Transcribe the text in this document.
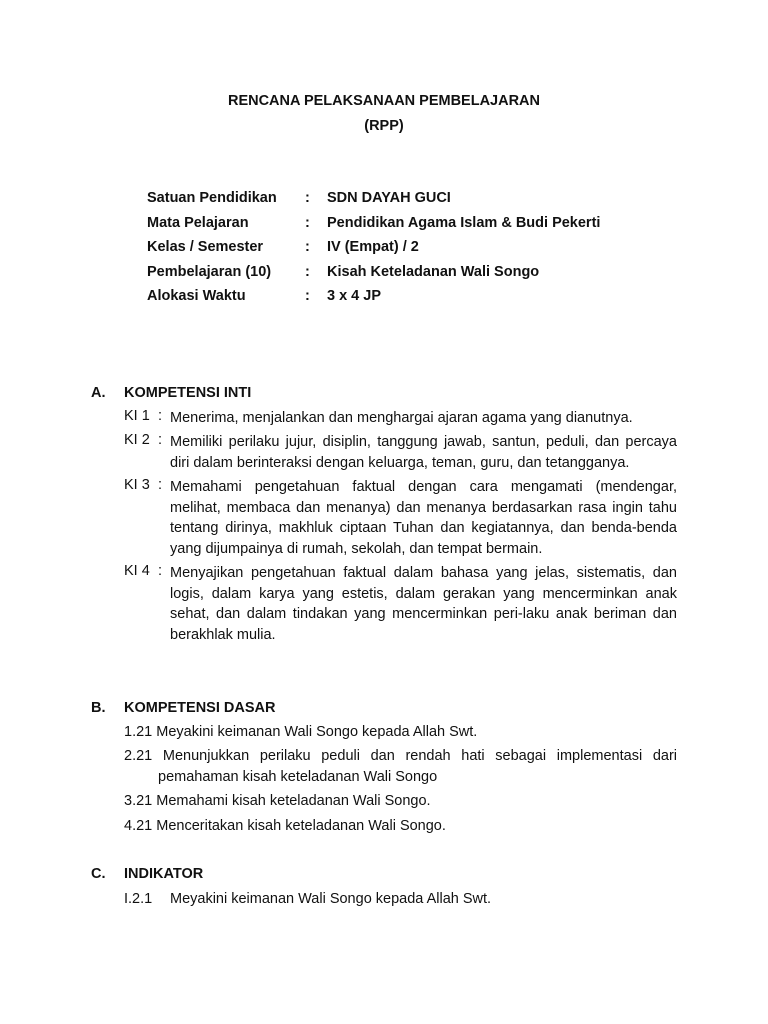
RENCANA PELAKSANAAN PEMBELAJARAN
(RPP)
Satuan Pendidikan : SDN DAYAH GUCI
Mata Pelajaran	: Pendidikan Agama Islam & Budi Pekerti
Kelas / Semester	: IV (Empat) / 2
Pembelajaran (10) : Kisah Keteladanan Wali Songo
Alokasi Waktu	: 3 x 4 JP
A. KOMPETENSI INTI
KI 1 : Menerima, menjalankan dan menghargai ajaran agama yang dianutnya.
KI 2 : Memiliki perilaku jujur, disiplin, tanggung jawab, santun, peduli, dan percaya diri dalam berinteraksi dengan keluarga, teman, guru, dan tetangganya.
KI 3 : Memahami pengetahuan faktual dengan cara mengamati (mendengar, melihat, membaca dan menanya) dan menanya berdasarkan rasa ingin tahu tentang dirinya, makhluk ciptaan Tuhan dan kegiatannya, dan benda-benda yang dijumpainya di rumah, sekolah, dan tempat bermain.
KI 4 : Menyajikan pengetahuan faktual dalam bahasa yang jelas, sistematis, dan logis, dalam karya yang estetis, dalam gerakan yang mencerminkan anak sehat, dan dalam tindakan yang mencerminkan peri-laku anak beriman dan berakhlak mulia.
B. KOMPETENSI DASAR
1.21 Meyakini keimanan Wali Songo kepada Allah Swt.
2.21 Menunjukkan perilaku peduli dan rendah hati sebagai implementasi dari
pemahaman kisah keteladanan Wali Songo
3.21 Memahami kisah keteladanan Wali Songo.
4.21 Menceritakan kisah keteladanan Wali Songo.
C. INDIKATOR
I.2.1 Meyakini keimanan Wali Songo kepada Allah Swt.
